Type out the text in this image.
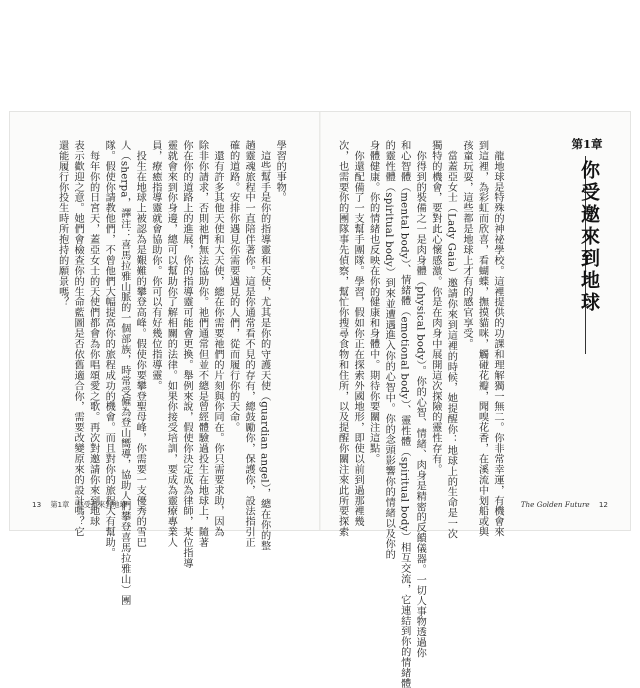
學習的事物。
　這些幫手是你的指導靈和天使，尤其是你的守護天使（guardian angel），總在你的整
趟靈魂旅程中一直陪伴著你。這是你通常看不見的存有，總鼓勵你，保護你，設法指引正
確的道路。安排你遇見你需要遇見的人們，從而履行你的天命。
　還有許多其他天使和大天使，總在你需要祂們的片刻與你同在。你只需要求助，因為
除非你請求，否則祂們無法協助你。祂們通常但並不總是曾經體驗過投生在地球上，隨著
你在你的道路上的進展，你的指導靈可能會更換。舉例來說，假使你決定成為律師，某位指導
靈就會來到你身邊，總可以幫助你了解相關的法律。如果你接受培訓，要成為靈療專業人
員，療癒指導靈就會協助你。你可以有好幾位指導靈。
　投生在地球上被認為是艱難的攀登高峰。假使你要攀登聖母峰，你需要一支優秀的雪巴
人（sherpa，譯注：喜馬拉雅山脈的一個部族，時常受僱為登山嚮導，協助人們攀登喜馬拉雅山）團
隊。假使你請教他們，不曾他們大幅提高你的旅程成功的機會。而且對你的旅程大有幫助。
　每年你的日宮天，蓋亞女士的天使們都會為你唱頌愛之歌。再次對邀請你來到地球
表示歡迎之意。她們會檢查你的生命藍圖是否依舊適合你，需要改變原來的設計嗎？它
還能履行你投生時所抱持的願景嗎？
13 第1章　你受邀來到地球
第1章
你受邀來到地球
　龍地球是特殊的神祕學校。這裡提供的功課和理解獨一無二。你非常幸運，有機會來
到這裡，為彩虹而欣喜，看蝴蝶，撫摸貓咪，觸碰花瓣，聞嗅花香，在溪流中划船或與
孩童玩耍，這些都是地球上才有的感官享受。
　當蓋亞女士（Lady Gaia）邀請你來到這裡的時候，她提醒你：地球上的生命是一次
獨特的機會，要對此心懷感激。你是在肉身中展開這次探險的靈性存有。
　你得到的裝備之一是肉身體（physical body）。你的心智、情緒、肉身是精密的反饋儀器。一切人事物透過你
和心智體（mental body）、情緒體（emotional body）、靈性體（spiritual body）相互交流，它連結到你的情緒體
的靈性體（spiritual body）到來並遭遇進入你的心智中。你的念頭影響你的情緒以及你的
身體健康。你的情緒也反映在你的健康和身體中。期待你要關注這點。
　你還配備了一支幫手團隊。學習，假如你正在探索外國地形，即使以前到過那裡幾
次，也需要你的團隊事先偵察，幫忙你搜尋食物和住所，以及提醒你關注來此所要探索	The Golden Future 12
